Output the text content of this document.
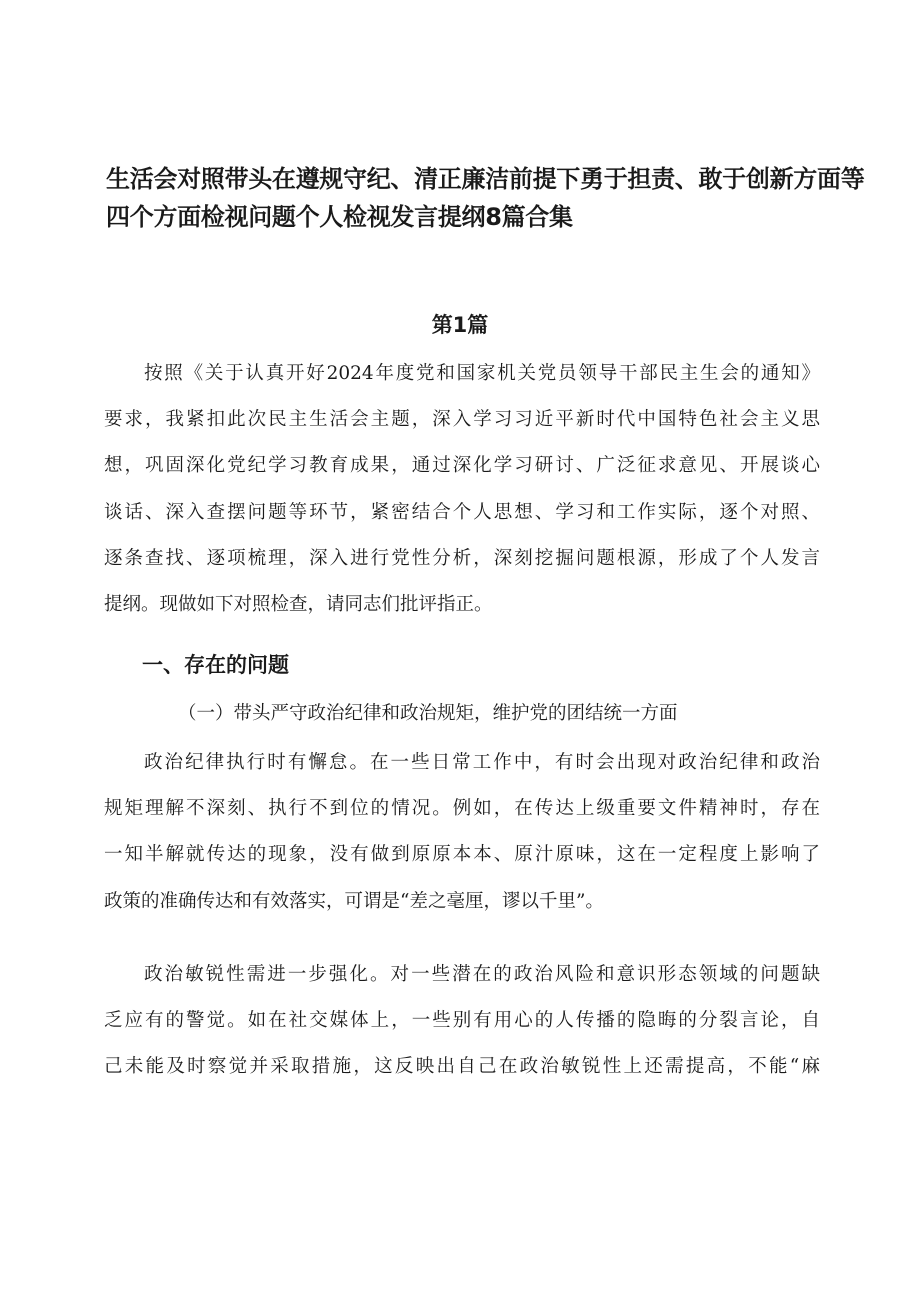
生活会对照带头在遵规守纪、清正廉洁前提下勇于担责、敢于创新方面等
四个方面检视问题个人检视发言提纲8篇合集
第1篇
按照《关于认真开好2024年度党和国家机关党员领导干部民主生会的通知》
要求，我紧扣此次民主生活会主题，深入学习习近平新时代中国特色社会主义思
想，巩固深化党纪学习教育成果，通过深化学习研讨、广泛征求意见、开展谈心
谈话、深入查摆问题等环节，紧密结合个人思想、学习和工作实际，逐个对照、
逐条查找、逐项梳理，深入进行党性分析，深刻挖掘问题根源，形成了个人发言
提纲。现做如下对照检查，请同志们批评指正。
一、存在的问题
（一）带头严守政治纪律和政治规矩，维护党的团结统一方面
政治纪律执行时有懈怠。在一些日常工作中，有时会出现对政治纪律和政治
规矩理解不深刻、执行不到位的情况。例如，在传达上级重要文件精神时，存在
一知半解就传达的现象，没有做到原原本本、原汁原味，这在一定程度上影响了
政策的准确传达和有效落实，可谓是“差之毫厘，谬以千里”。
政治敏锐性需进一步强化。对一些潜在的政治风险和意识形态领域的问题缺
乏应有的警觉。如在社交媒体上，一些别有用心的人传播的隐晦的分裂言论，自
己未能及时察觉并采取措施，这反映出自己在政治敏锐性上还需提高，不能“麻
